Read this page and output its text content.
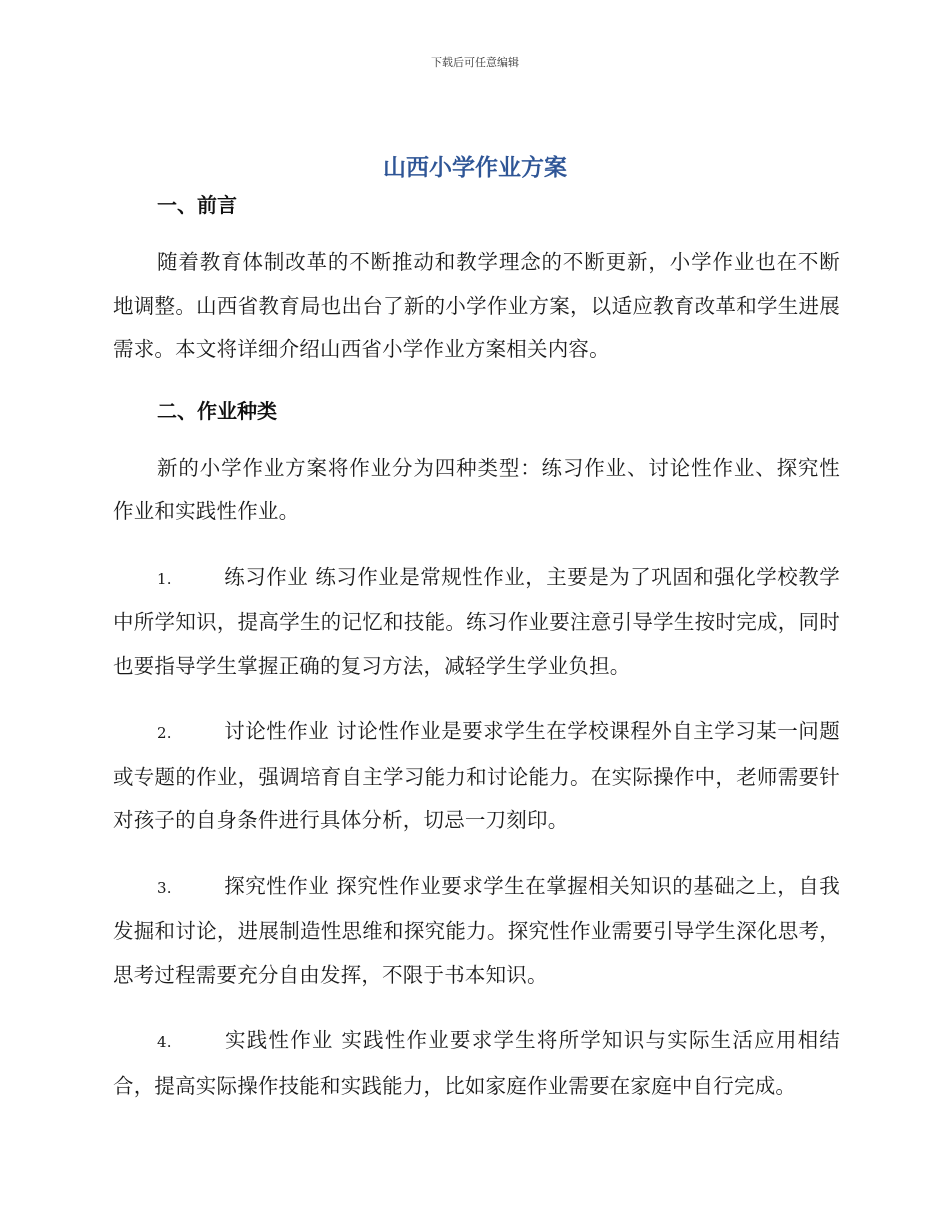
下载后可任意编辑
山西小学作业方案
一、前言

随着教育体制改革的不断推动和教学理念的不断更新，小学作业也在不断地调整。山西省教育局也出台了新的小学作业方案，以适应教育改革和学生进展需求。本文将详细介绍山西省小学作业方案相关内容。

二、作业种类

新的小学作业方案将作业分为四种类型：练习作业、讨论性作业、探究性作业和实践性作业。

1.	练习作业 练习作业是常规性作业，主要是为了巩固和强化学校教学中所学知识，提高学生的记忆和技能。练习作业要注意引导学生按时完成，同时也要指导学生掌握正确的复习方法，减轻学生学业负担。

2.	讨论性作业 讨论性作业是要求学生在学校课程外自主学习某一问题或专题的作业，强调培育自主学习能力和讨论能力。在实际操作中，老师需要针对孩子的自身条件进行具体分析，切忌一刀刻印。

3.	探究性作业 探究性作业要求学生在掌握相关知识的基础之上，自我发掘和讨论，进展制造性思维和探究能力。探究性作业需要引导学生深化思考，思考过程需要充分自由发挥，不限于书本知识。

4.	实践性作业 实践性作业要求学生将所学知识与实际生活应用相结合，提高实际操作技能和实践能力，比如家庭作业需要在家庭中自行完成。
